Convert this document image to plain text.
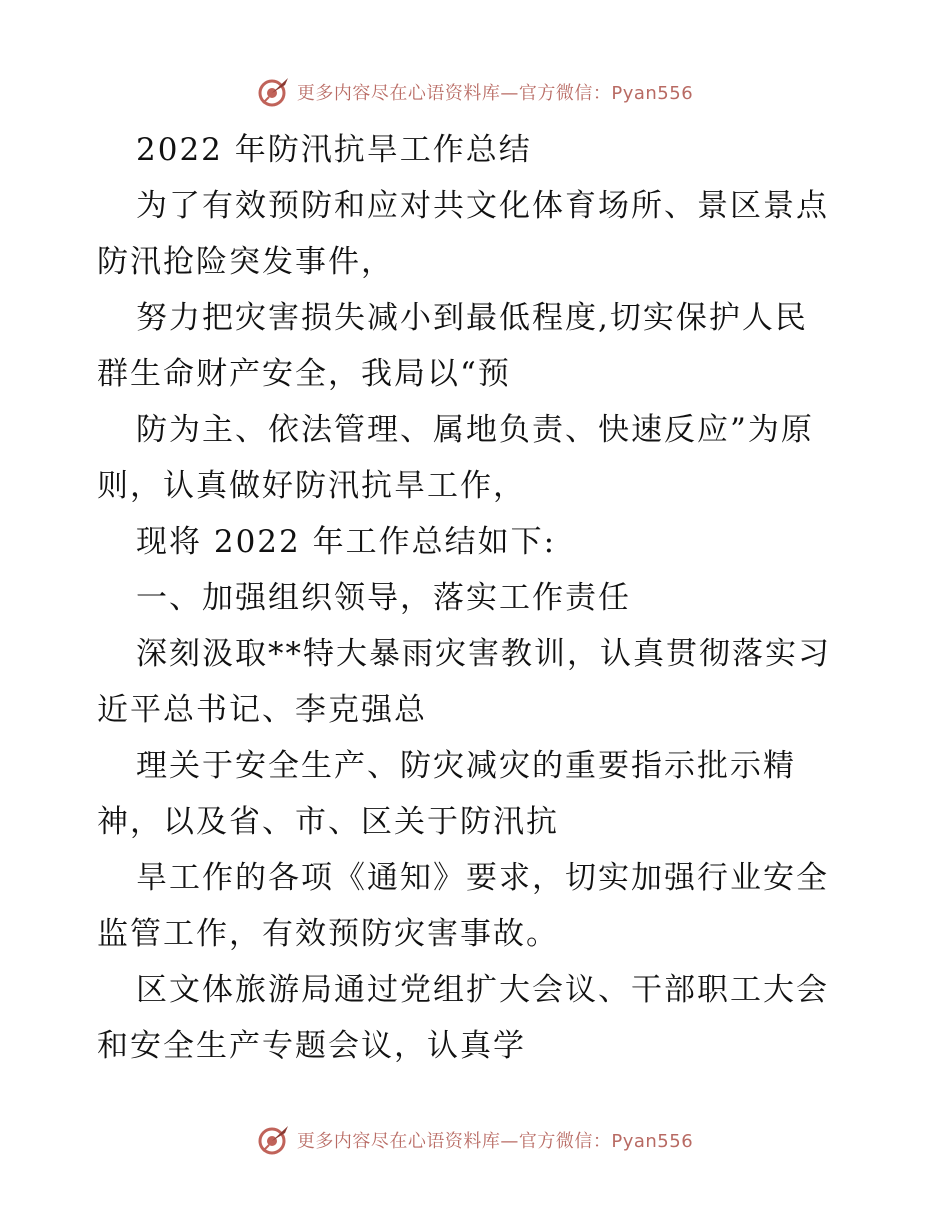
更多内容尽在心语资料库—官方微信：Pyan556
2022 年防汛抗旱工作总结
为了有效预防和应对共文化体育场所、景区景点
防汛抢险突发事件，
努力把灾害损失减小到最低程度,切实保护人民
群生命财产安全，我局以“预
防为主、依法管理、属地负责、快速反应”为原
则，认真做好防汛抗旱工作，
现将 2022 年工作总结如下:
一、加强组织领导，落实工作责任
深刻汲取**特大暴雨灾害教训，认真贯彻落实习
近平总书记、李克强总
理关于安全生产、防灾减灾的重要指示批示精
神，以及省、市、区关于防汛抗
旱工作的各项《通知》要求，切实加强行业安全
监管工作，有效预防灾害事故。
区文体旅游局通过党组扩大会议、干部职工大会
和安全生产专题会议，认真学
更多内容尽在心语资料库—官方微信：Pyan556
